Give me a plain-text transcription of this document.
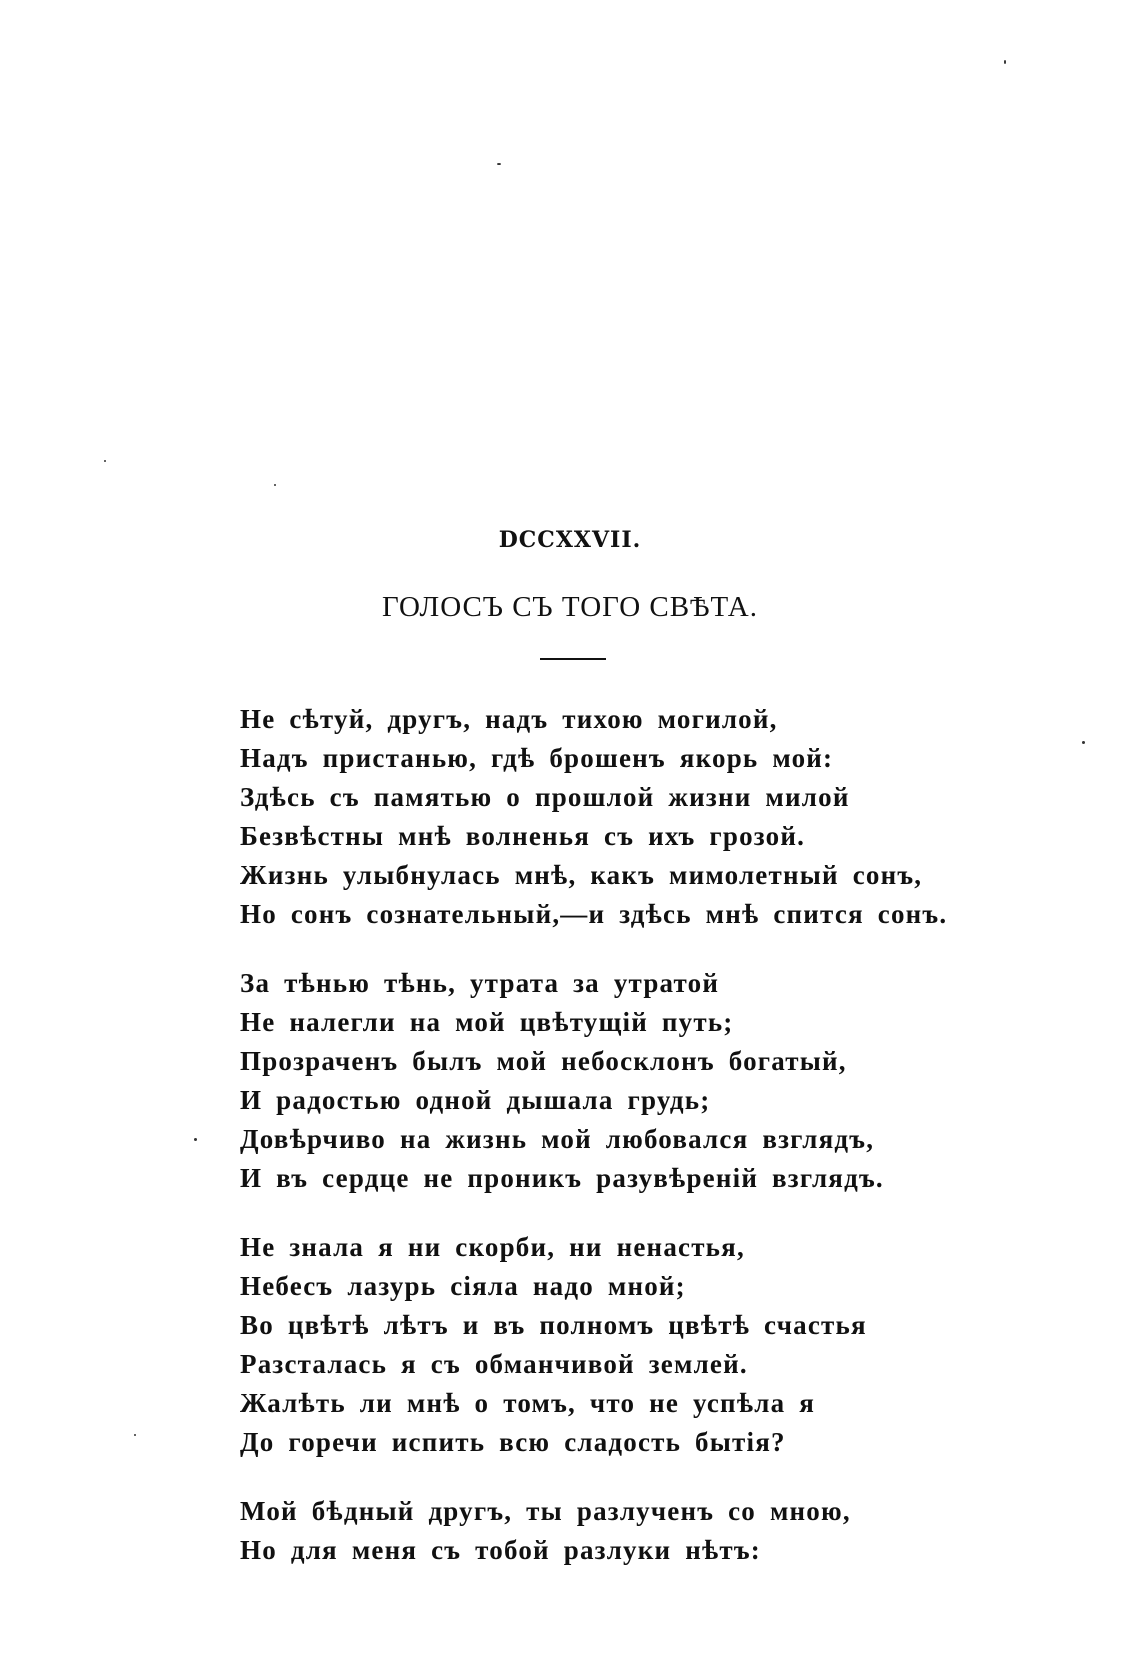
DCCXXVII.
ГОЛОСЪ СЪ ТОГО СВѢТА.
Не сѣтуй, другъ, надъ тихою могилой,
Надъ пристанью, гдѣ брошенъ якорь мой:
Здѣсь съ памятью о прошлой жизни милой
Безвѣстны мнѣ волненья съ ихъ грозой.
Жизнь улыбнулась мнѣ, какъ мимолетный сонъ,
Но сонъ сознательный,—и здѣсь мнѣ спится сонъ.
За тѣнью тѣнь, утрата за утратой
Не налегли на мой цвѣтущій путь;
Прозраченъ былъ мой небосклонъ богатый,
И радостью одной дышала грудь;
Довѣрчиво на жизнь мой любовался взглядъ,
И въ сердце не проникъ разувѣреній взглядъ.
Не знала я ни скорби, ни ненастья,
Небесъ лазурь сіяла надо мной;
Во цвѣтѣ лѣтъ и въ полномъ цвѣтѣ счастья
Разсталась я съ обманчивой землей.
Жалѣть ли мнѣ о томъ, что не успѣла я
До горечи испить всю сладость бытія?
Мой бѣдный другъ, ты разлученъ со мною,
Но для меня съ тобой разлуки нѣтъ:
